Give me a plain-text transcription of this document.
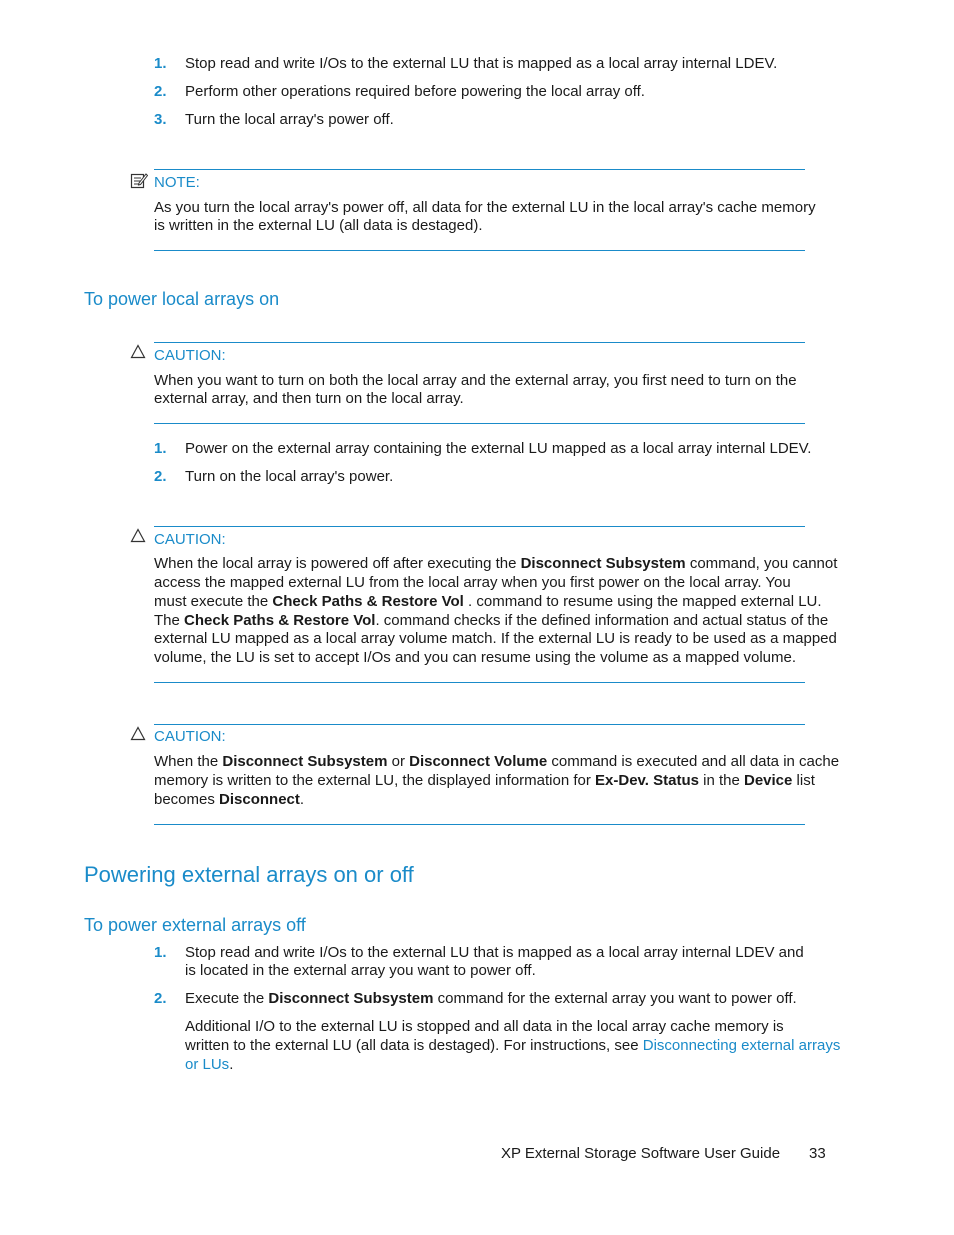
1. Stop read and write I/Os to the external LU that is mapped as a local array internal LDEV.
2. Perform other operations required before powering the local array off.
3. Turn the local array's power off.
NOTE:
As you turn the local array's power off, all data for the external LU in the local array's cache memory
is written in the external LU (all data is destaged).
To power local arrays on
CAUTION:
When you want to turn on both the local array and the external array, you first need to turn on the
external array, and then turn on the local array.
1. Power on the external array containing the external LU mapped as a local array internal LDEV.
2. Turn on the local array's power.
CAUTION:
When the local array is powered off after executing the Disconnect Subsystem command, you cannot
access the mapped external LU from the local array when you first power on the local array. You
must execute the Check Paths & Restore Vol . command to resume using the mapped external LU.
The Check Paths & Restore Vol. command checks if the defined information and actual status of the
external LU mapped as a local array volume match. If the external LU is ready to be used as a mapped
volume, the LU is set to accept I/Os and you can resume using the volume as a mapped volume.
CAUTION:
When the Disconnect Subsystem or Disconnect Volume command is executed and all data in cache
memory is written to the external LU, the displayed information for Ex-Dev. Status in the Device list
becomes Disconnect.
Powering external arrays on or off
To power external arrays off
1. Stop read and write I/Os to the external LU that is mapped as a local array internal LDEV and
is located in the external array you want to power off.
2. Execute the Disconnect Subsystem command for the external array you want to power off.
Additional I/O to the external LU is stopped and all data in the local array cache memory is
written to the external LU (all data is destaged). For instructions, see Disconnecting external arrays
or LUs.
XP External Storage Software User Guide 33
